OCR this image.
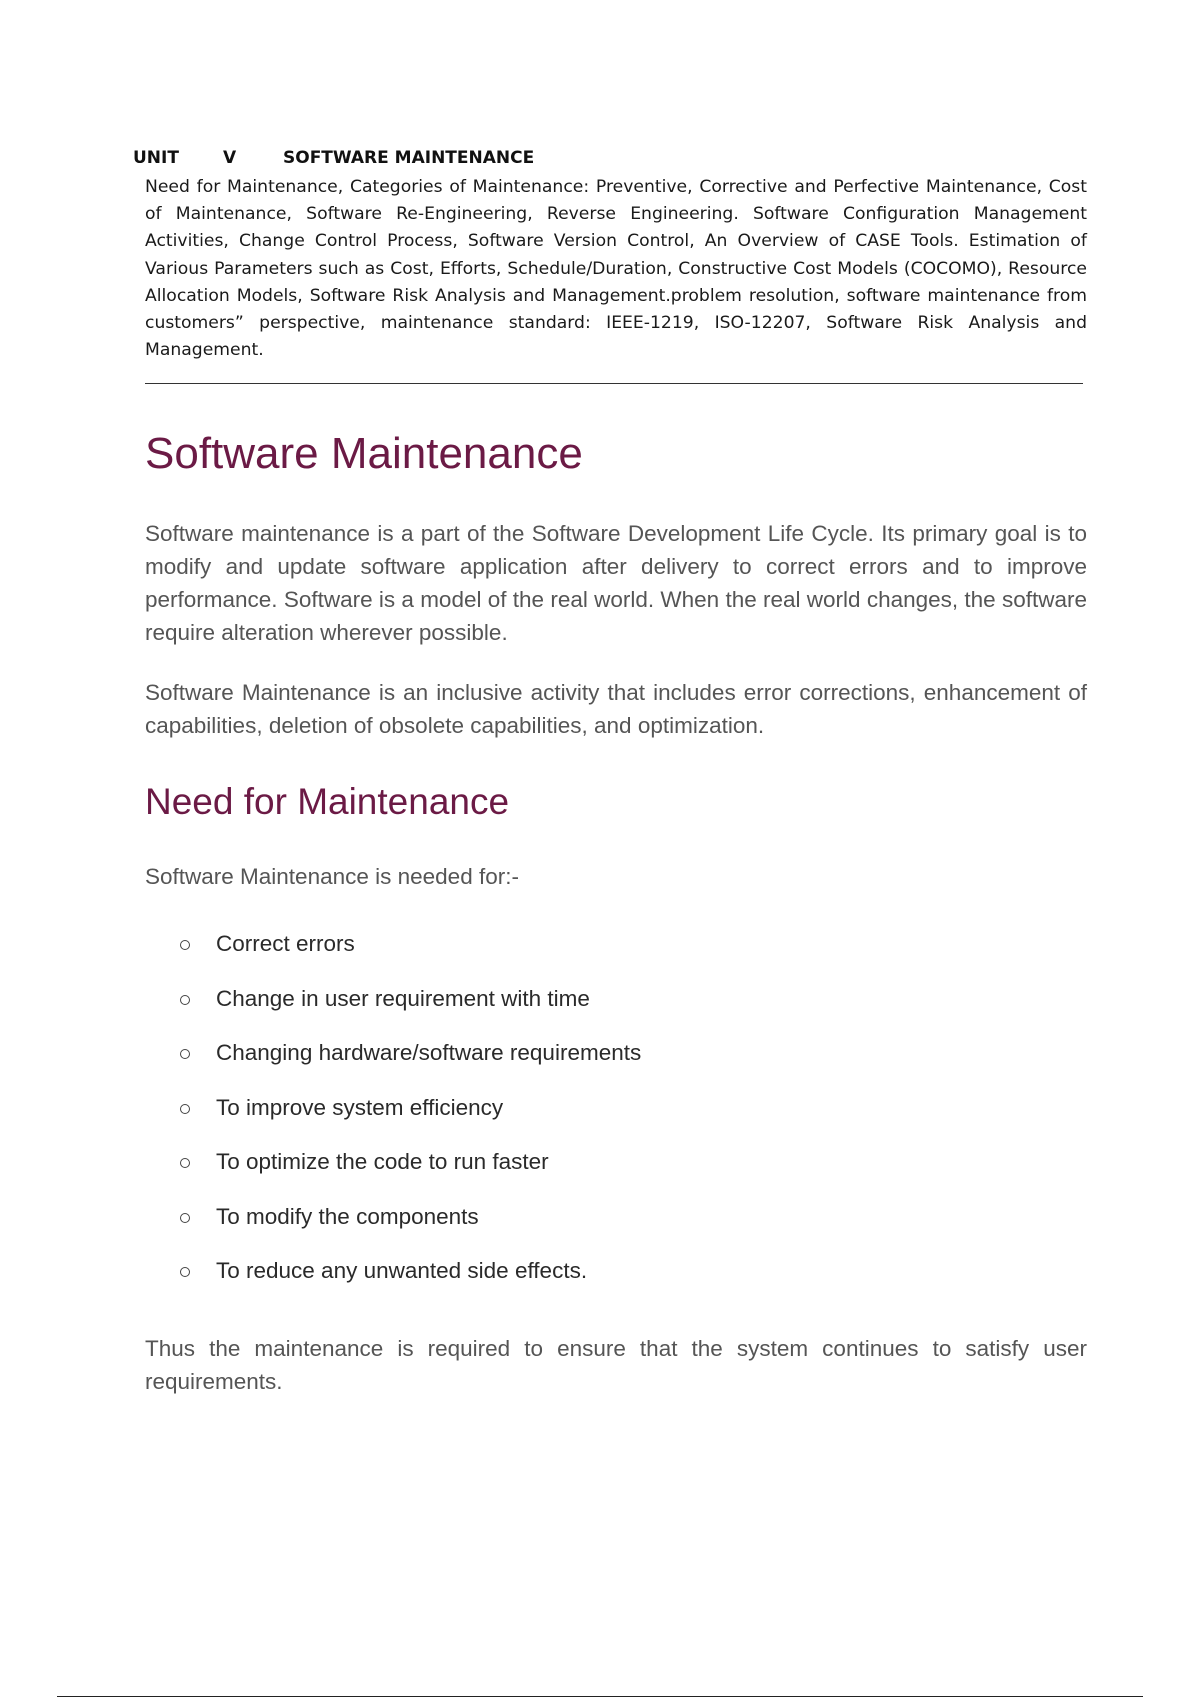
UNIT	V	SOFTWARE MAINTENANCE

Need for Maintenance, Categories of Maintenance: Preventive, Corrective and Perfective Maintenance, Cost of Maintenance, Software Re-Engineering, Reverse Engineering. Software Configuration Management Activities, Change Control Process, Software Version Control, An Overview of CASE Tools. Estimation of Various Parameters such as Cost, Efforts, Schedule/Duration, Constructive Cost Models (COCOMO), Resource Allocation Models, Software Risk Analysis and Management.problem resolution, software maintenance from customers” perspective, maintenance standard: IEEE-1219, ISO-12207, Software Risk Analysis and Management.

Software Maintenance

Software maintenance is a part of the Software Development Life Cycle. Its primary goal is to modify and update software application after delivery to correct errors and to improve performance. Software is a model of the real world. When the real world changes, the software require alteration wherever possible.

Software Maintenance is an inclusive activity that includes error corrections, enhancement of capabilities, deletion of obsolete capabilities, and optimization.

Need for Maintenance

Software Maintenance is needed for:-

Correct errors
Change in user requirement with time
Changing hardware/software requirements
To improve system efficiency
To optimize the code to run faster
To modify the components
To reduce any unwanted side effects.

Thus the maintenance is required to ensure that the system continues to satisfy user requirements.
